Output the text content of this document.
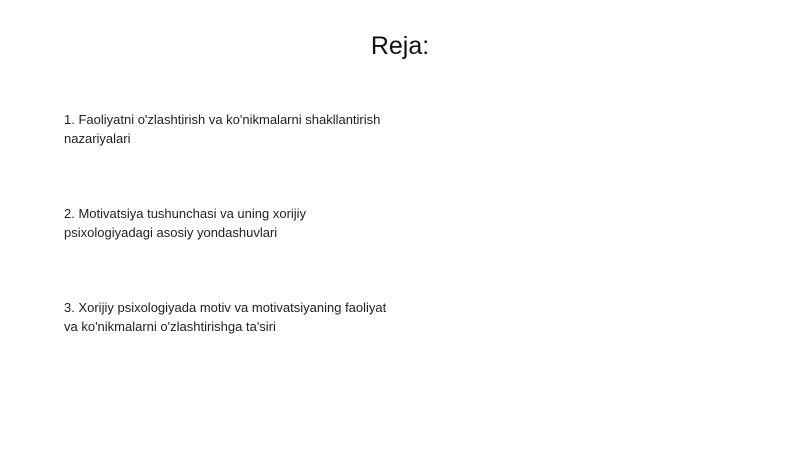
Reja:
1. Faoliyatni o'zlashtirish va ko'nikmalarni shakllantirish
nazariyalari
2. Motivatsiya tushunchasi va uning xorijiy
psixologiyadagi asosiy yondashuvlari
3. Xorijiy psixologiyada motiv va motivatsiyaning faoliyat
va ko'nikmalarni o'zlashtirishga ta'siri
